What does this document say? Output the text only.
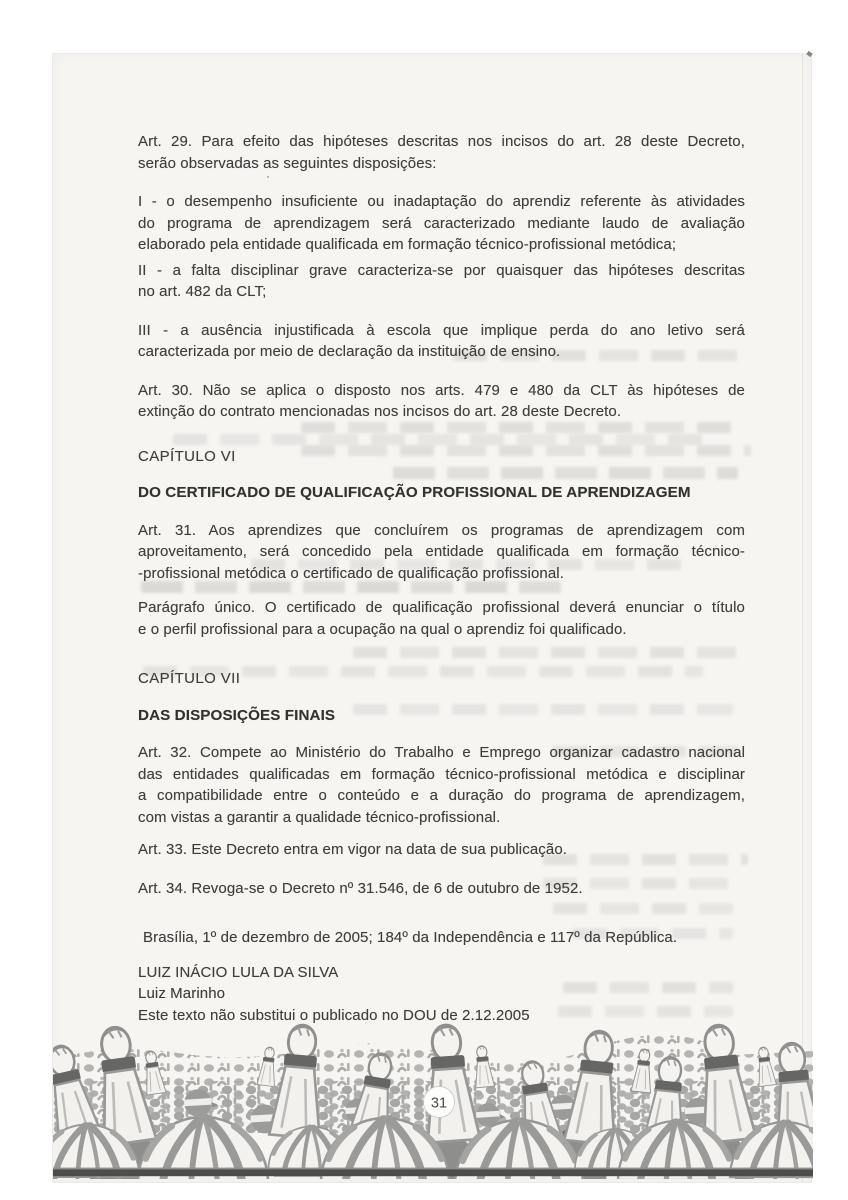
Art. 29. Para efeito das hipóteses descritas nos incisos do art. 28 deste Decreto,
serão observadas as seguintes disposições:

I - o desempenho insuficiente ou inadaptação do aprendiz referente às atividades
do programa de aprendizagem será caracterizado mediante laudo de avaliação
elaborado pela entidade qualificada em formação técnico-profissional metódica;

II - a falta disciplinar grave caracteriza-se por quaisquer das hipóteses descritas
no art. 482 da CLT;

III - a ausência injustificada à escola que implique perda do ano letivo será
caracterizada por meio de declaração da instituição de ensino.

Art. 30. Não se aplica o disposto nos arts. 479 e 480 da CLT às hipóteses de
extinção do contrato mencionadas nos incisos do art. 28 deste Decreto.

CAPÍTULO VI

DO CERTIFICADO DE QUALIFICAÇÃO PROFISSIONAL DE APRENDIZAGEM

Art. 31. Aos aprendizes que concluírem os programas de aprendizagem com
aproveitamento, será concedido pela entidade qualificada em formação técnico-
-profissional metódica o certificado de qualificação profissional.

Parágrafo único. O certificado de qualificação profissional deverá enunciar o título
e o perfil profissional para a ocupação na qual o aprendiz foi qualificado.

CAPÍTULO VII

DAS DISPOSIÇÕES FINAIS

Art. 32. Compete ao Ministério do Trabalho e Emprego organizar cadastro nacional
das entidades qualificadas em formação técnico-profissional metódica e disciplinar
a compatibilidade entre o conteúdo e a duração do programa de aprendizagem,
com vistas a garantir a qualidade técnico-profissional.

Art. 33. Este Decreto entra em vigor na data de sua publicação.

Art. 34. Revoga-se o Decreto nº 31.546, de 6 de outubro de 1952.

Brasília, 1º de dezembro de 2005; 184º da Independência e 117º da República.

LUIZ INÁCIO LULA DA SILVA

Luiz Marinho

Este texto não substitui o publicado no DOU de 2.12.2005

31
